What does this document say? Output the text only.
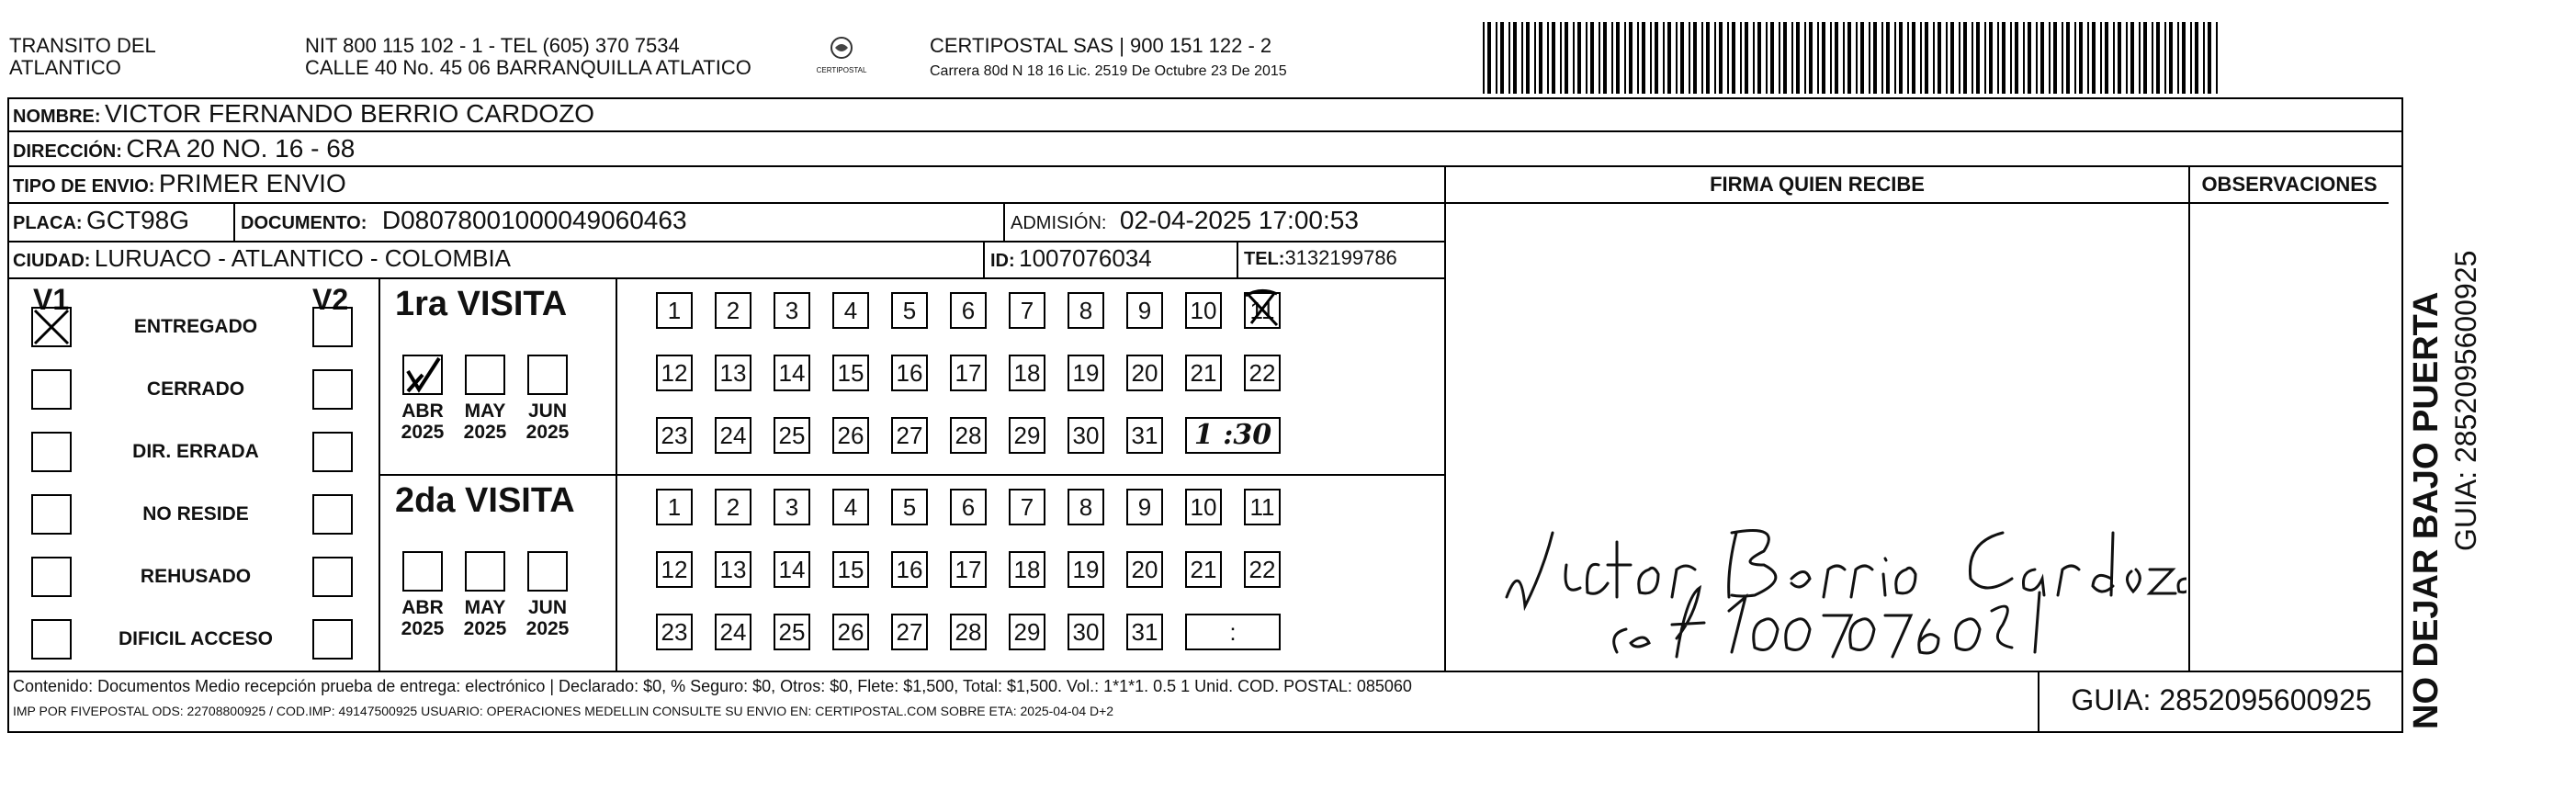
TRANSITO DEL
ATLANTICO
NIT 800 115 102 - 1 - TEL (605) 370 7534
CALLE 40 No. 45 06 BARRANQUILLA ATLATICO	CERTIPOSTAL
CERTIPOSTAL SAS | 900 151 122 - 2
Carrera 80d N 18 16 Lic. 2519 De Octubre 23 De 2015
NOMBRE: VICTOR FERNANDO BERRIO CARDOZO
DIRECCIÓN: CRA 20 NO. 16 - 68
TIPO DE ENVIO: PRIMER ENVIO	FIRMA QUIEN RECIBE	OBSERVACIONES
PLACA: GCT98G	DOCUMENTO: D08078001000049060463	ADMISIÓN: 02-04-2025 17:00:53
CIUDAD: LURUACO - ATLANTICO - COLOMBIA	ID: 1007076034	TEL:3132199786
V1	V2
ENTREGADO
CERRADO
DIR. ERRADA
NO RESIDE
REHUSADO
DIFICIL ACCESO
1ra VISITA
ABR
2025
MAY
2025
JUN
2025
1	2	3	4	5	6	7	8	9	10 11
12 13 14 15 16 17 18 19 20 21 22
23 24 25 26 27 28 29 30 31	1 :30
2da VISITA
ABR
2025
MAY
2025
JUN
2025
1	2	3	4	5	6	7	8	9	10 11
12 13 14 15 16 17 18 19 20 21 22
23 24 25 26 27 28 29 30 31	:
Contenido: Documentos Medio recepción prueba de entrega: electrónico | Declarado: $0, % Seguro: $0, Otros: $0, Flete: $1,500, Total: $1,500. Vol.: 1*1*1. 0.5 1 Unid. COD. POSTAL: 085060
IMP POR FIVEPOSTAL ODS: 22708800925 / COD.IMP: 49147500925 USUARIO: OPERACIONES MEDELLIN CONSULTE SU ENVIO EN: CERTIPOSTAL.COM SOBRE ETA: 2025-04-04 D+2	GUIA: 2852095600925	NO DEJAR BAJO PUERTA GUIA: 2852095600925
